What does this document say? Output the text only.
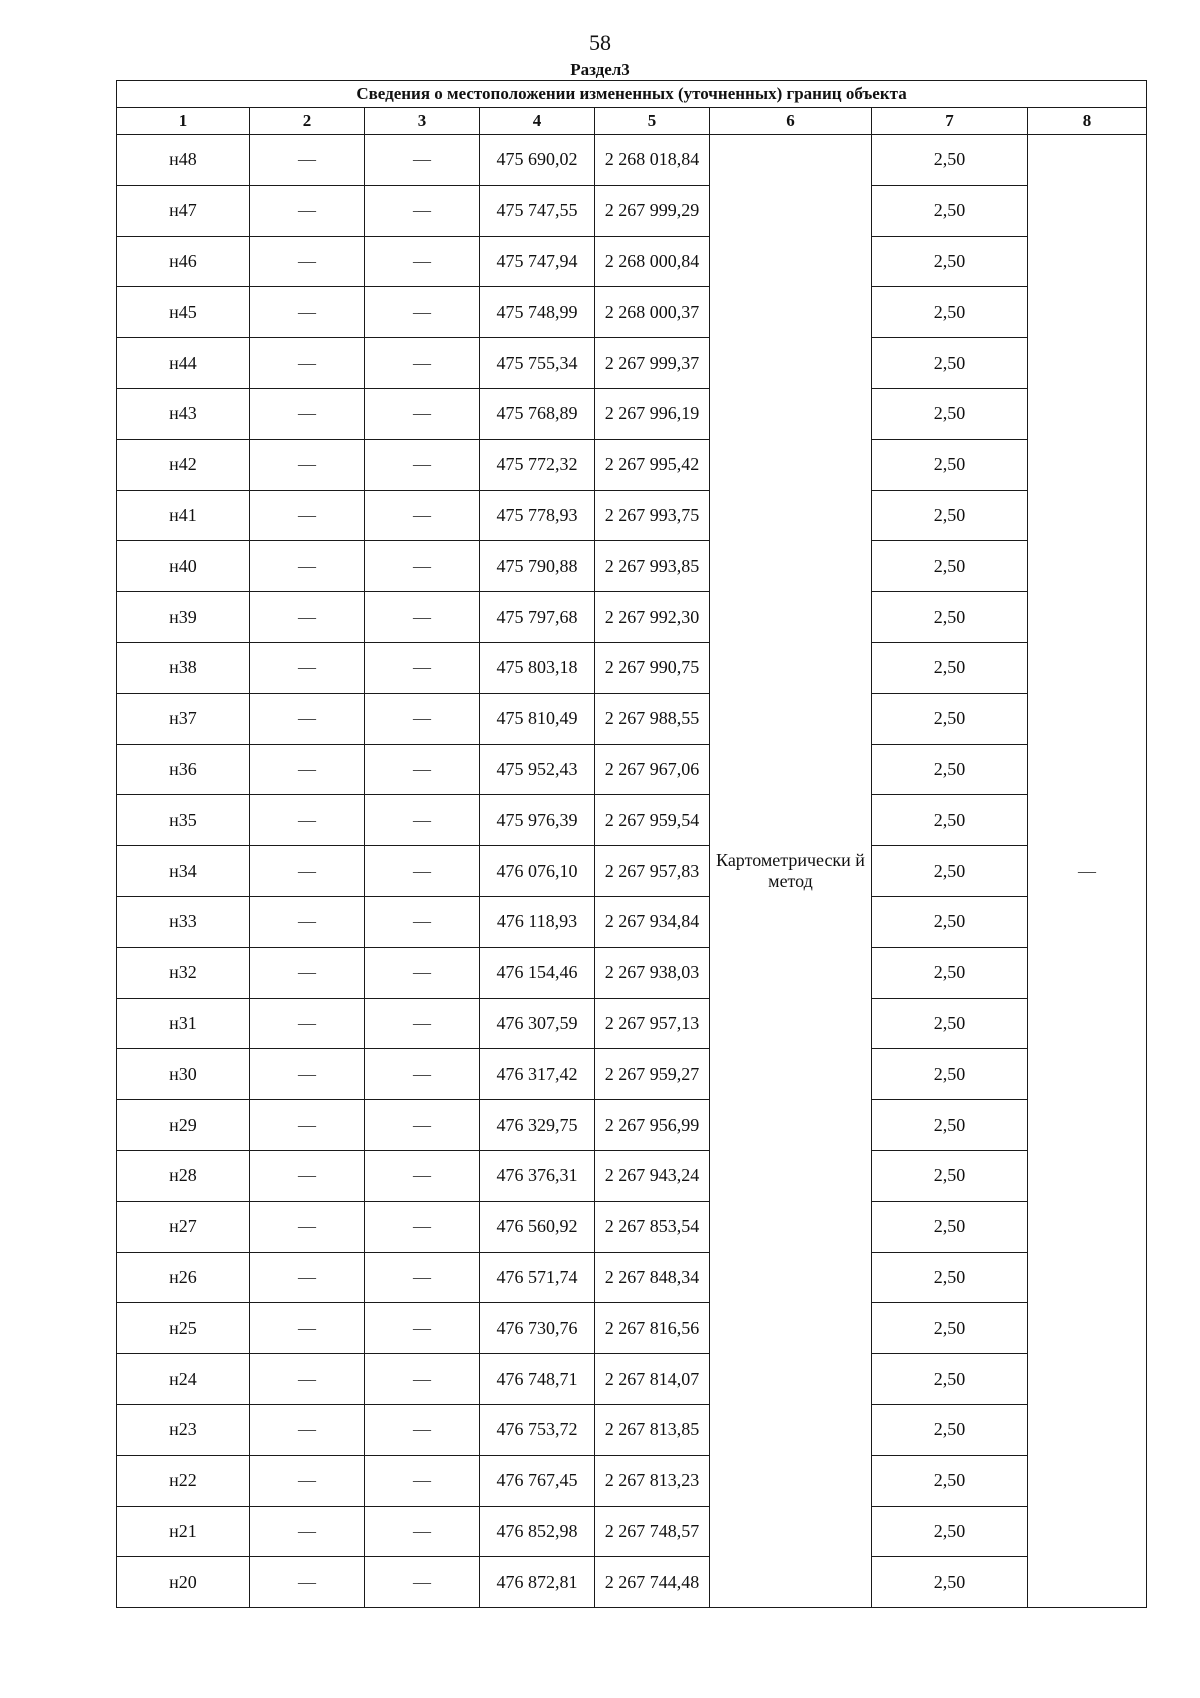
58
Раздел3
Сведения о местоположении измененных (уточненных) границ объекта							
1	2	3	4	5	6	7	8
н48	—	—	475 690,02	2 268 018,84	Картометрически й метод	2,50	—
н47	—	—	475 747,55	2 267 999,29		2,50	
н46	—	—	475 747,94	2 268 000,84		2,50	
н45	—	—	475 748,99	2 268 000,37		2,50	
н44	—	—	475 755,34	2 267 999,37		2,50	
н43	—	—	475 768,89	2 267 996,19		2,50	
н42	—	—	475 772,32	2 267 995,42		2,50	
н41	—	—	475 778,93	2 267 993,75		2,50	
н40	—	—	475 790,88	2 267 993,85		2,50	
н39	—	—	475 797,68	2 267 992,30		2,50	
н38	—	—	475 803,18	2 267 990,75		2,50	
н37	—	—	475 810,49	2 267 988,55		2,50	
н36	—	—	475 952,43	2 267 967,06		2,50	
н35	—	—	475 976,39	2 267 959,54		2,50	
н34	—	—	476 076,10	2 267 957,83		2,50	
н33	—	—	476 118,93	2 267 934,84		2,50	
н32	—	—	476 154,46	2 267 938,03		2,50	
н31	—	—	476 307,59	2 267 957,13		2,50	
н30	—	—	476 317,42	2 267 959,27		2,50	
н29	—	—	476 329,75	2 267 956,99		2,50	
н28	—	—	476 376,31	2 267 943,24		2,50	
н27	—	—	476 560,92	2 267 853,54		2,50	
н26	—	—	476 571,74	2 267 848,34		2,50	
н25	—	—	476 730,76	2 267 816,56		2,50	
н24	—	—	476 748,71	2 267 814,07		2,50	
н23	—	—	476 753,72	2 267 813,85		2,50	
н22	—	—	476 767,45	2 267 813,23		2,50	
н21	—	—	476 852,98	2 267 748,57		2,50	
н20	—	—	476 872,81	2 267 744,48		2,50	
